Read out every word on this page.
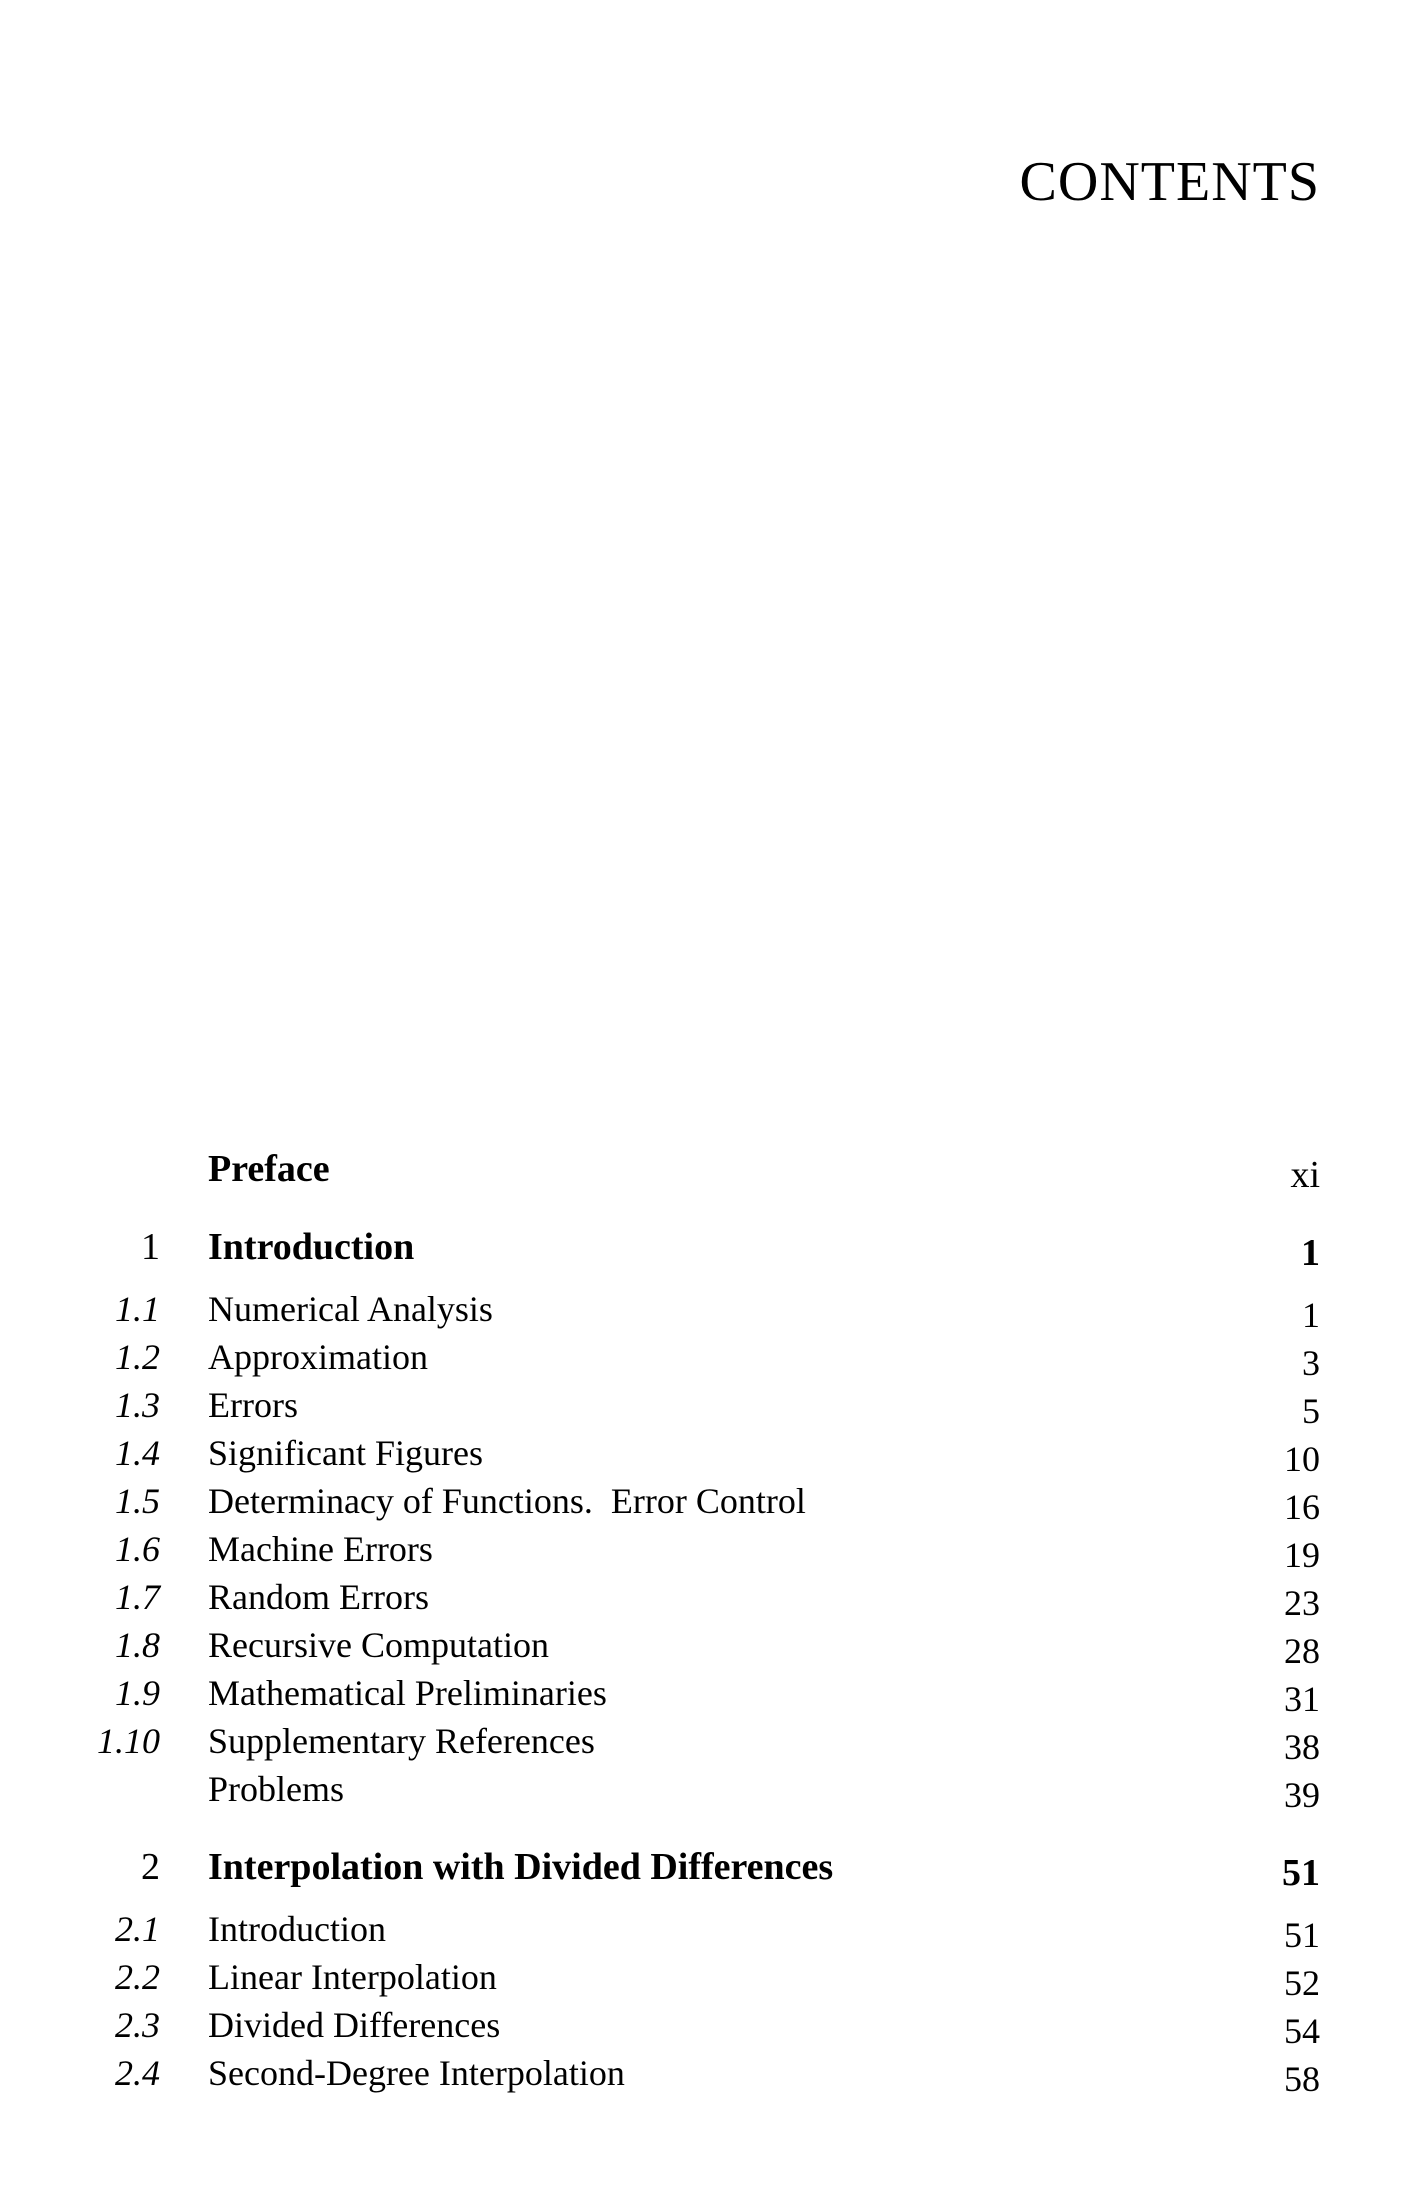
CONTENTS
Preface	xi
1 Introduction	1
1.1 Numerical Analysis	1
1.2 Approximation	3
1.3 Errors	5
1.4 Significant Figures	10
1.5 Determinacy of Functions.  Error Control	16
1.6 Machine Errors	19
1.7 Random Errors	23
1.8 Recursive Computation	28
1.9 Mathematical Preliminaries	31
1.10 Supplementary References	38
Problems	39
2 Interpolation with Divided Differences	51
2.1 Introduction	51
2.2 Linear Interpolation	52
2.3 Divided Differences	54
2.4 Second-Degree Interpolation	58
